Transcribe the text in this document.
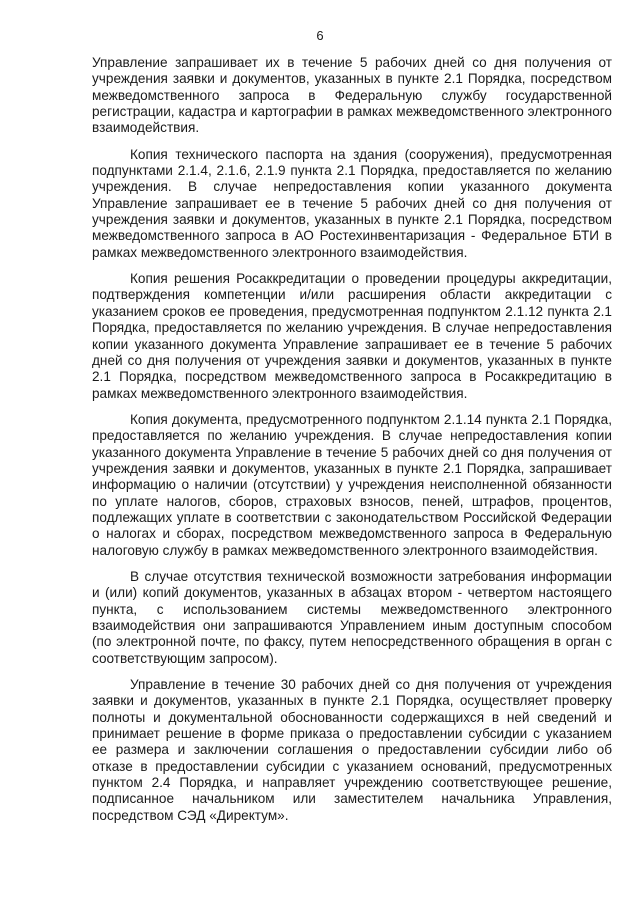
6

Управление запрашивает их в течение 5 рабочих дней со дня получения от учреждения заявки и документов, указанных в пункте 2.1 Порядка, посредством межведомственного запроса в Федеральную службу государственной регистрации, кадастра и картографии в рамках межведомственного электронного взаимодействия.

Копия технического паспорта на здания (сооружения), предусмотренная подпунктами 2.1.4, 2.1.6, 2.1.9 пункта 2.1 Порядка, предоставляется по желанию учреждения. В случае непредоставления копии указанного документа Управление запрашивает ее в течение 5 рабочих дней со дня получения от учреждения заявки и документов, указанных в пункте 2.1 Порядка, посредством межведомственного запроса в АО Ростехинвентаризация - Федеральное БТИ в рамках межведомственного электронного взаимодействия.

Копия решения Росаккредитации о проведении процедуры аккредитации, подтверждения компетенции и/или расширения области аккредитации с указанием сроков ее проведения, предусмотренная подпунктом 2.1.12 пункта 2.1 Порядка, предоставляется по желанию учреждения. В случае непредоставления копии указанного документа Управление запрашивает ее в течение 5 рабочих дней со дня получения от учреждения заявки и документов, указанных в пункте 2.1 Порядка, посредством межведомственного запроса в Росаккредитацию в рамках межведомственного электронного взаимодействия.

Копия документа, предусмотренного подпунктом 2.1.14 пункта 2.1 Порядка, предоставляется по желанию учреждения. В случае непредоставления копии указанного документа Управление в течение 5 рабочих дней со дня получения от учреждения заявки и документов, указанных в пункте 2.1 Порядка, запрашивает информацию о наличии (отсутствии) у учреждения неисполненной обязанности по уплате налогов, сборов, страховых взносов, пеней, штрафов, процентов, подлежащих уплате в соответствии с законодательством Российской Федерации о налогах и сборах, посредством межведомственного запроса в Федеральную налоговую службу в рамках межведомственного электронного взаимодействия.

В случае отсутствия технической возможности затребования информации и (или) копий документов, указанных в абзацах втором - четвертом настоящего пункта, с использованием системы межведомственного электронного взаимодействия они запрашиваются Управлением иным доступным способом (по электронной почте, по факсу, путем непосредственного обращения в орган с соответствующим запросом).

Управление в течение 30 рабочих дней со дня получения от учреждения заявки и документов, указанных в пункте 2.1 Порядка, осуществляет проверку полноты и документальной обоснованности содержащихся в ней сведений и принимает решение в форме приказа о предоставлении субсидии с указанием ее размера и заключении соглашения о предоставлении субсидии либо об отказе в предоставлении субсидии с указанием оснований, предусмотренных пунктом 2.4 Порядка, и направляет учреждению соответствующее решение, подписанное начальником или заместителем начальника Управления, посредством СЭД «Директум».
